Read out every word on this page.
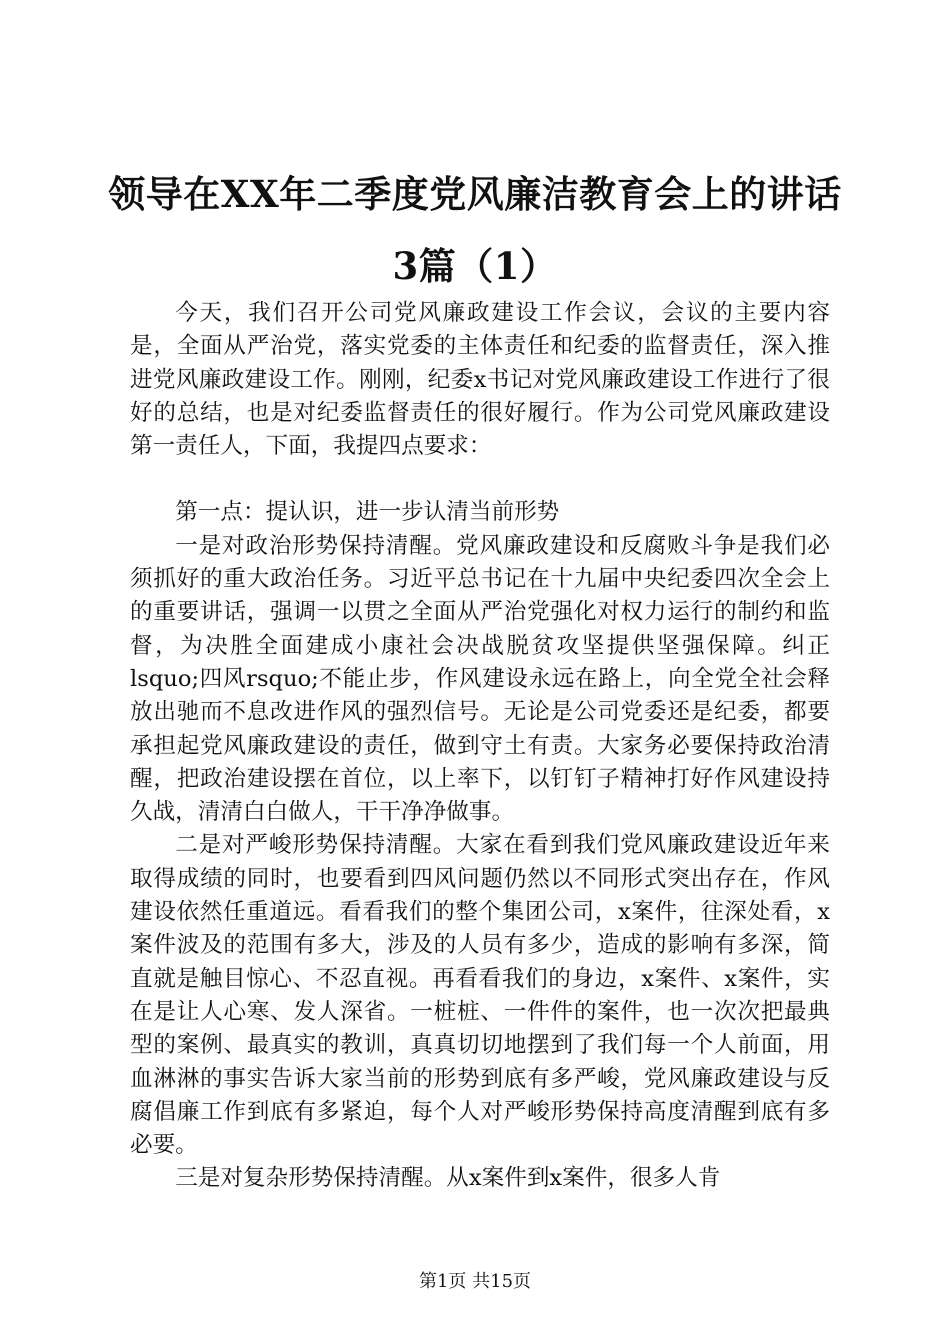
领导在XX年二季度党风廉洁教育会上的讲话3篇（1）

今天，我们召开公司党风廉政建设工作会议，会议的主要内容是，全面从严治党，落实党委的主体责任和纪委的监督责任，深入推进党风廉政建设工作。刚刚，纪委x书记对党风廉政建设工作进行了很好的总结，也是对纪委监督责任的很好履行。作为公司党风廉政建设第一责任人，下面，我提四点要求：

第一点：提认识，进一步认清当前形势

一是对政治形势保持清醒。党风廉政建设和反腐败斗争是我们必须抓好的重大政治任务。习近平总书记在十九届中央纪委四次全会上的重要讲话，强调一以贯之全面从严治党强化对权力运行的制约和监督，为决胜全面建成小康社会决战脱贫攻坚提供坚强保障。纠正lsquo;四风rsquo;不能止步，作风建设永远在路上，向全党全社会释放出驰而不息改进作风的强烈信号。无论是公司党委还是纪委，都要承担起党风廉政建设的责任，做到守土有责。大家务必要保持政治清醒，把政治建设摆在首位，以上率下，以钉钉子精神打好作风建设持久战，清清白白做人，干干净净做事。

二是对严峻形势保持清醒。大家在看到我们党风廉政建设近年来取得成绩的同时，也要看到四风问题仍然以不同形式突出存在，作风建设依然任重道远。看看我们的整个集团公司，x案件，往深处看，x案件波及的范围有多大，涉及的人员有多少，造成的影响有多深，简直就是触目惊心、不忍直视。再看看我们的身边，x案件、x案件，实在是让人心寒、发人深省。一桩桩、一件件的案件，也一次次把最典型的案例、最真实的教训，真真切切地摆到了我们每一个人前面，用血淋淋的事实告诉大家当前的形势到底有多严峻，党风廉政建设与反腐倡廉工作到底有多紧迫，每个人对严峻形势保持高度清醒到底有多必要。

三是对复杂形势保持清醒。从x案件到x案件，很多人肯

第1页 共15页
